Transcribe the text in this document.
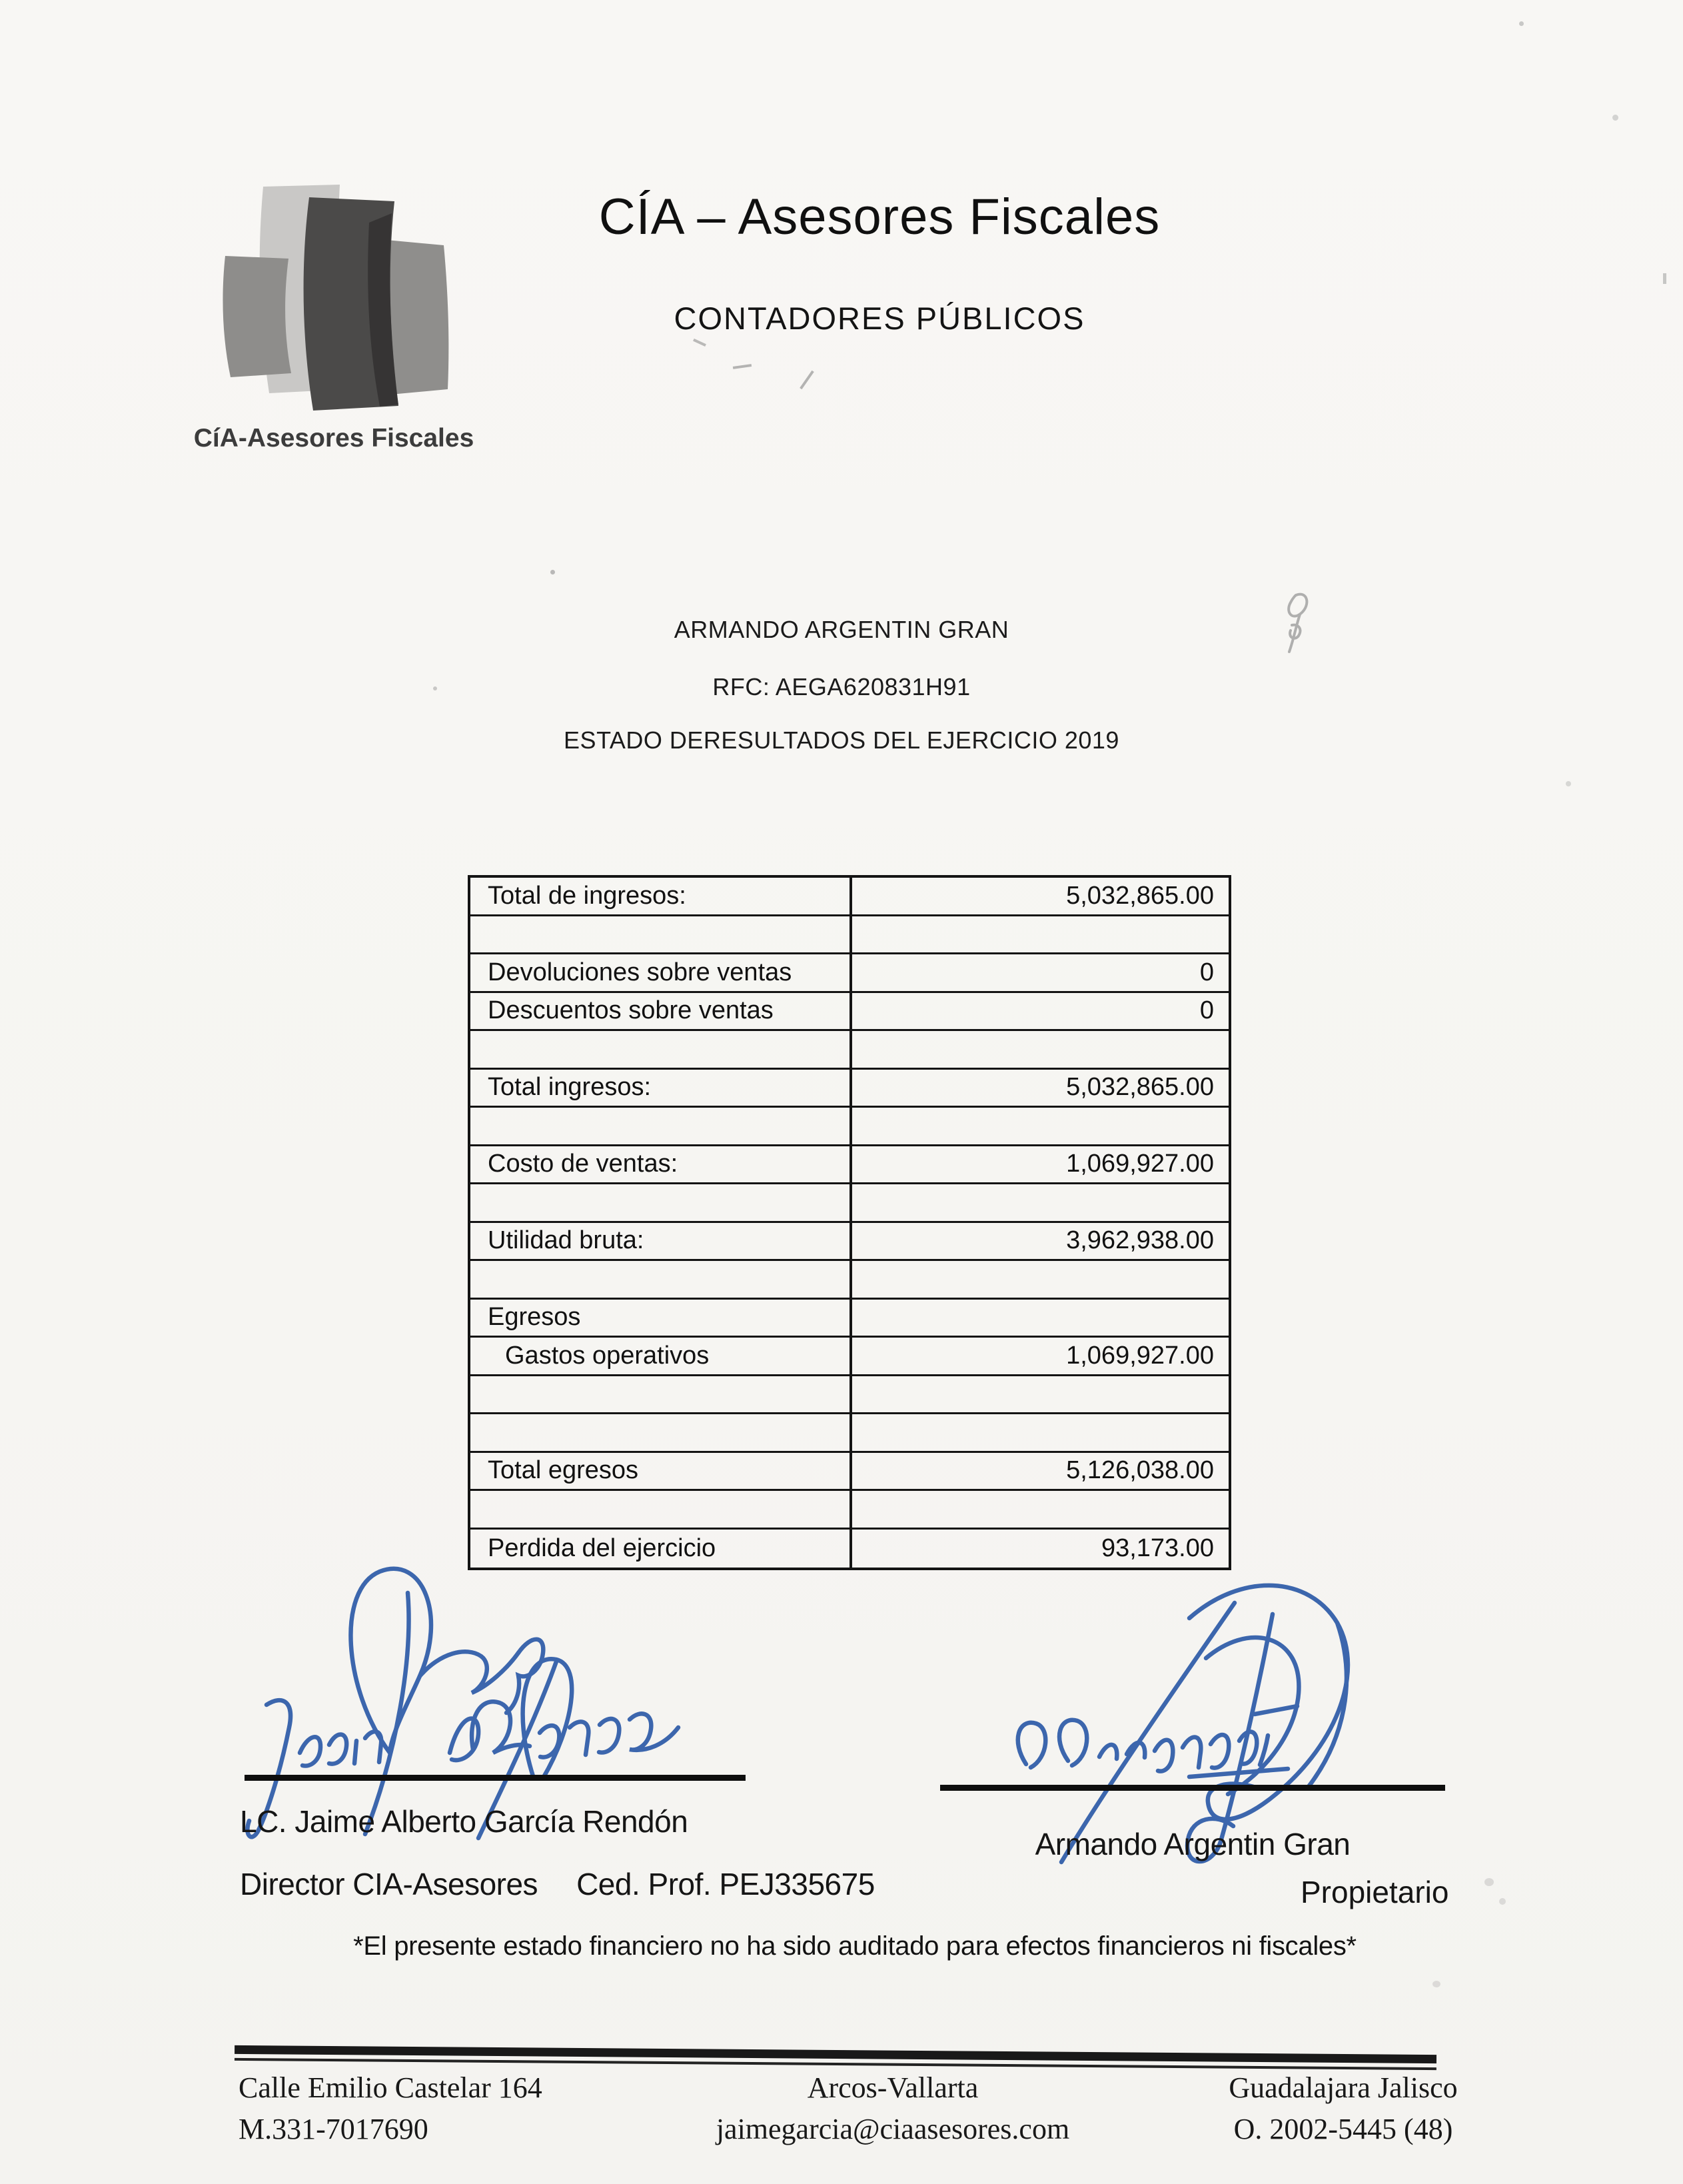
CíA-Asesores Fiscales
CÍA – Asesores Fiscales
CONTADORES PÚBLICOS
ARMANDO ARGENTIN GRAN
RFC: AEGA620831H91
ESTADO DERESULTADOS DEL EJERCICIO 2019
Total de ingresos:	5,032,865.00
Devoluciones sobre ventas	0
Descuentos sobre ventas	0
Total ingresos:	5,032,865.00
Costo de ventas:	1,069,927.00
Utilidad bruta:	3,962,938.00
Egresos
Gastos operativos	1,069,927.00
Total egresos	5,126,038.00
Perdida del ejercicio	93,173.00
LC. Jaime Alberto García Rendón
Armando Argentin Gran
Director CIA-Asesores Ced. Prof. PEJ335675	Propietario
*El presente estado financiero no ha sido auditado para efectos financieros ni fiscales*
Calle Emilio Castelar 164
M.331-7017690
Arcos-Vallarta
jaimegarcia@ciaasesores.com
Guadalajara Jalisco
O. 2002-5445 (48)
